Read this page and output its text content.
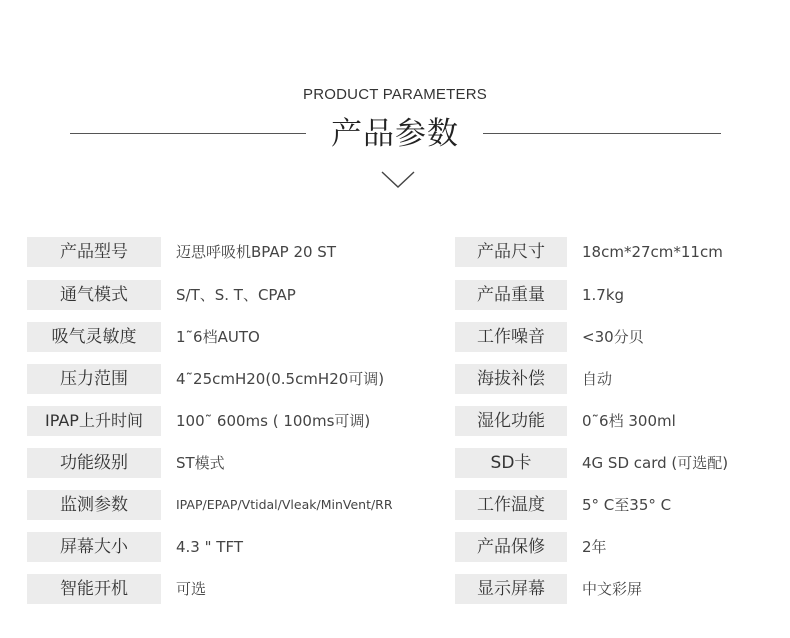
PRODUCT PARAMETERS
产品参数
产品型号	迈思呼吸机BPAP 20 ST
通气模式	S/T、S. T、CPAP
吸气灵敏度	1˜6档AUTO
压力范围	4˜25cmH20(0.5cmH20可调)
IPAP上升时间	100˜ 600ms ( 100ms可调)
功能级别	ST模式
监测参数	IPAP/EPAP/Vtidal/Vleak/MinVent/RR
屏幕大小	4.3 " TFT
智能开机	可选
产品尺寸	18cm*27cm*11cm
产品重量	1.7kg
工作噪音	<30分贝
海拔补偿	自动
湿化功能	0˜6档 300ml
SD卡	4G SD card (可选配)
工作温度	5° C至35° C
产品保修	2年
显示屏幕	中文彩屏
